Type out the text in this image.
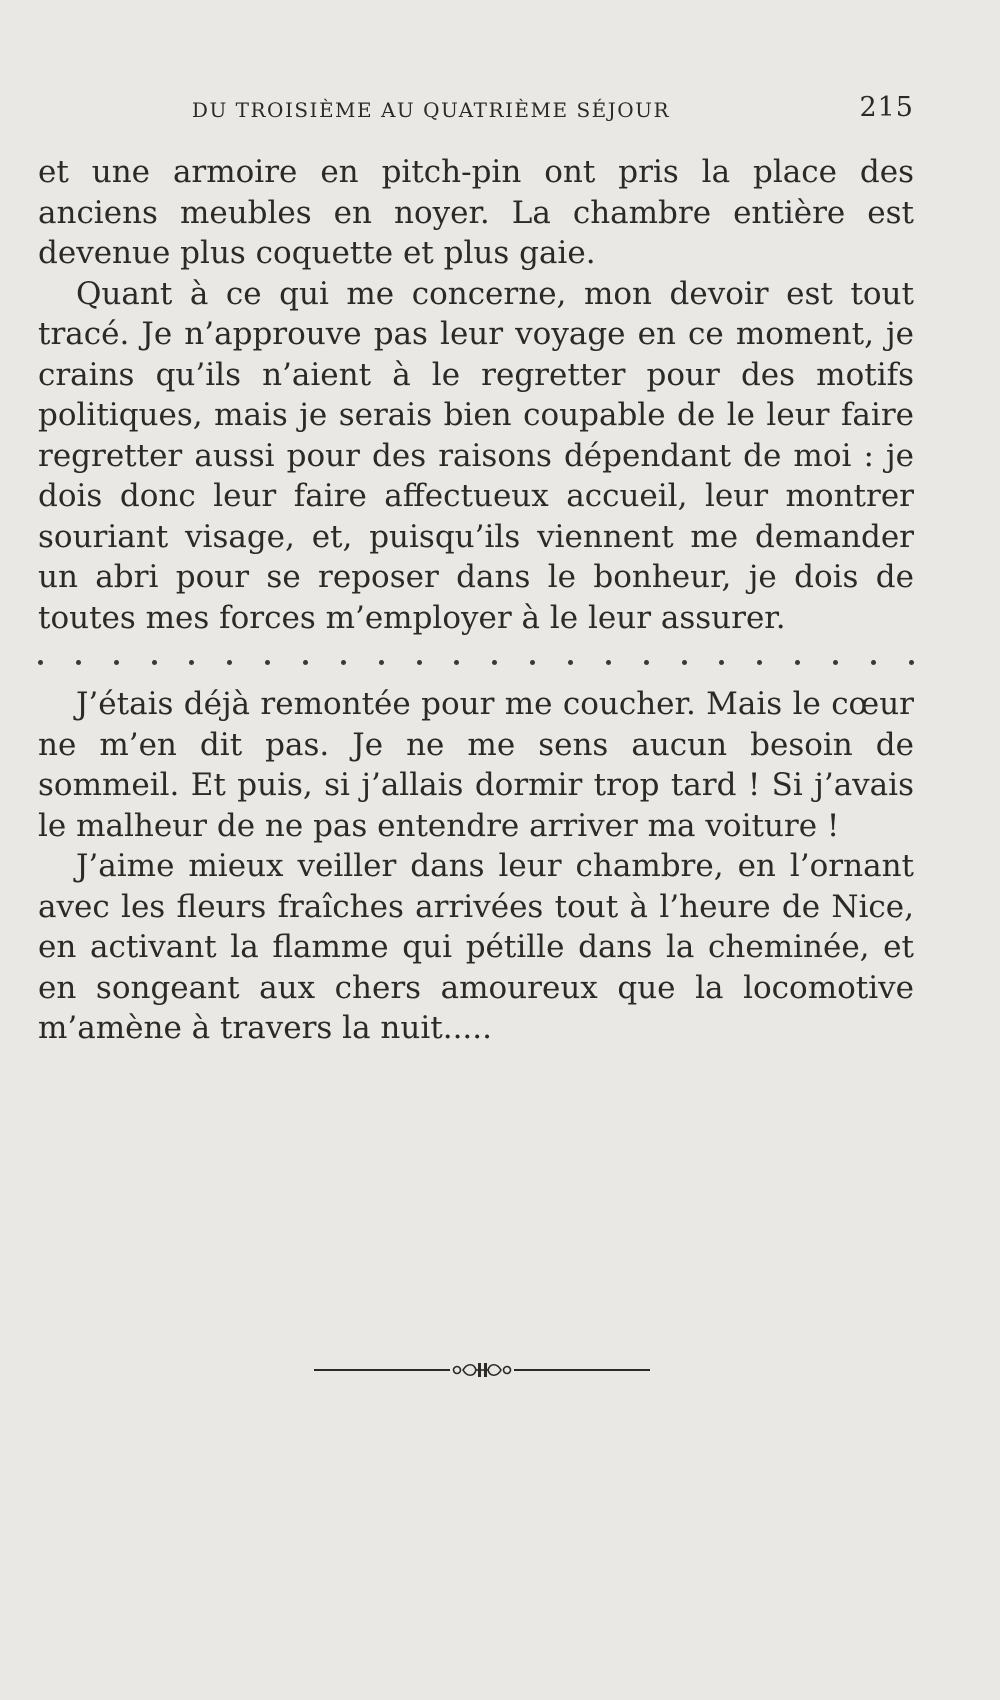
DU TROISIÈME AU QUATRIÈME SÉJOUR	215

et une armoire en pitch-pin ont pris la place des anciens meubles en noyer. La chambre entière est devenue plus coquette et plus gaie.

Quant à ce qui me concerne, mon devoir est tout tracé. Je n’approuve pas leur voyage en ce moment, je crains qu’ils n’aient à le regretter pour des motifs politiques, mais je serais bien coupable de le leur faire regretter aussi pour des raisons dépendant de moi : je dois donc leur faire affectueux accueil, leur montrer souriant visage, et, puisqu’ils viennent me demander un abri pour se reposer dans le bonheur, je dois de toutes mes forces m’employer à le leur assurer.

J’étais déjà remontée pour me coucher. Mais le cœur ne m’en dit pas. Je ne me sens aucun besoin de sommeil. Et puis, si j’allais dormir trop tard ! Si j’avais le malheur de ne pas entendre arriver ma voiture !

J’aime mieux veiller dans leur chambre, en l’ornant avec les fleurs fraîches arrivées tout à l’heure de Nice, en activant la flamme qui pétille dans la cheminée, et en songeant aux chers amoureux que la locomotive m’amène à travers la nuit.....
